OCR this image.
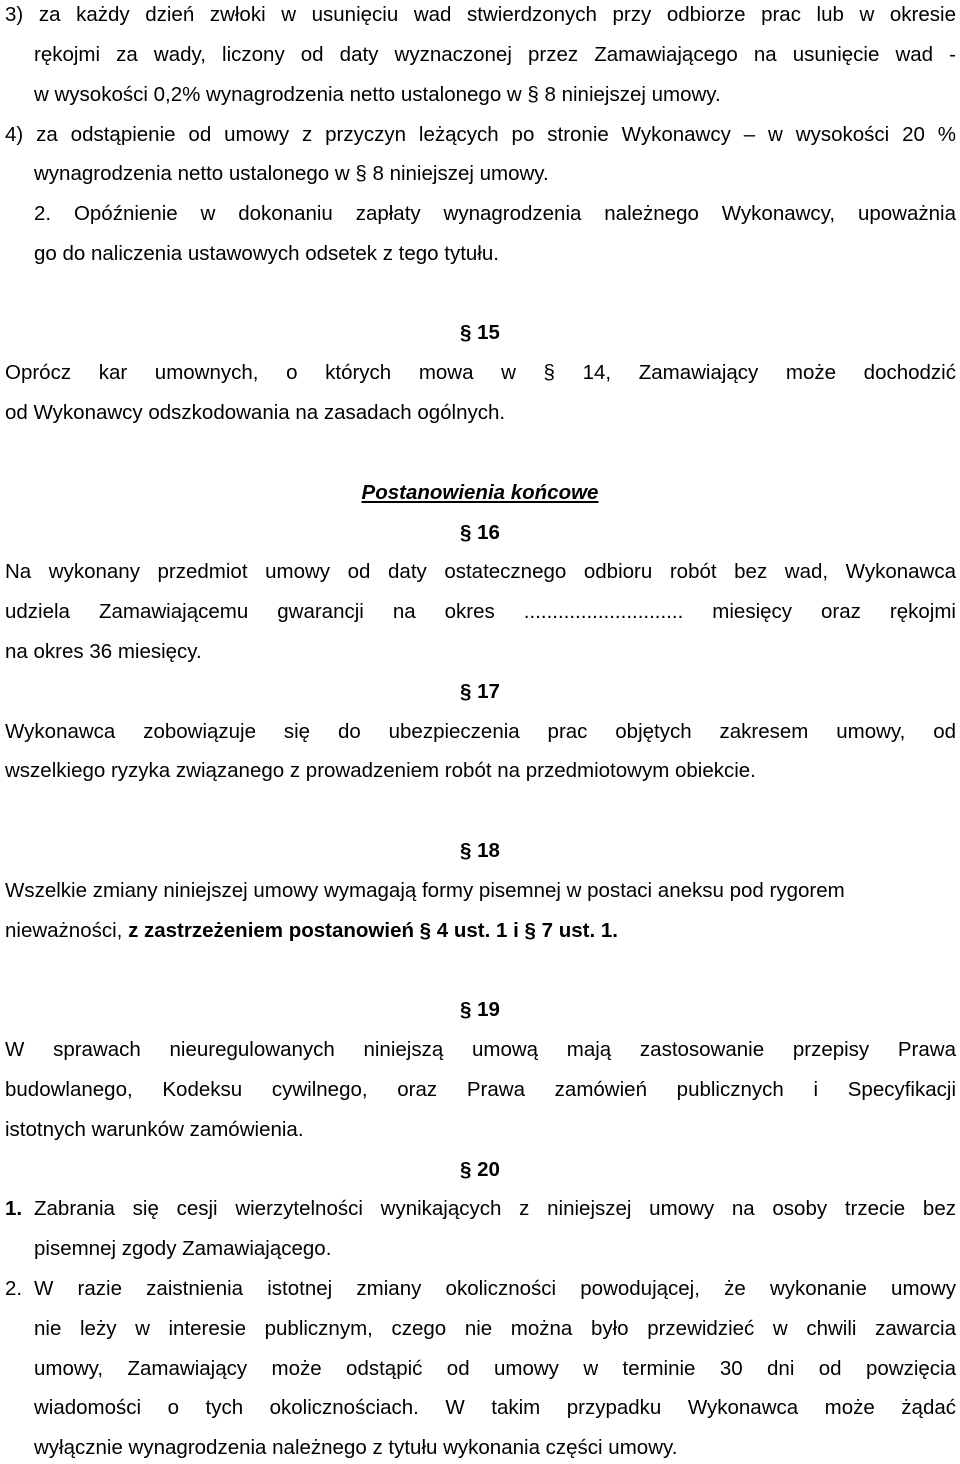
3) za każdy dzień zwłoki w usunięciu wad stwierdzonych przy odbiorze prac lub w okresie
rękojmi za wady, liczony od daty wyznaczonej przez Zamawiającego na usunięcie wad -
w wysokości 0,2% wynagrodzenia netto ustalonego w § 8 niniejszej umowy.
4) za odstąpienie od umowy z przyczyn leżących po stronie Wykonawcy – w wysokości 20 %
wynagrodzenia netto ustalonego w § 8 niniejszej umowy.
2. Opóźnienie w dokonaniu zapłaty wynagrodzenia należnego Wykonawcy, upoważnia
go do naliczenia ustawowych odsetek z tego tytułu.
§ 15
Oprócz kar umownych, o których mowa w § 14, Zamawiający może dochodzić
od Wykonawcy odszkodowania na zasadach ogólnych.
Postanowienia końcowe
§ 16
Na wykonany przedmiot umowy od daty ostatecznego odbioru robót bez wad, Wykonawca
udziela Zamawiającemu gwarancji na okres ............................ miesięcy oraz rękojmi
na okres 36 miesięcy.
§ 17
Wykonawca zobowiązuje się do ubezpieczenia prac objętych zakresem umowy, od
wszelkiego ryzyka związanego z prowadzeniem robót na przedmiotowym obiekcie.
§ 18
Wszelkie zmiany niniejszej umowy wymagają formy pisemnej w postaci aneksu pod rygorem
nieważności, z zastrzeżeniem postanowień § 4 ust. 1 i § 7 ust. 1.
§ 19
W sprawach nieuregulowanych niniejszą umową mają zastosowanie przepisy Prawa
budowlanego, Kodeksu cywilnego, oraz Prawa zamówień publicznych i Specyfikacji
istotnych warunków zamówienia.
§ 20
1. Zabrania się cesji wierzytelności wynikających z niniejszej umowy na osoby trzecie bez
pisemnej zgody Zamawiającego.
2. W razie zaistnienia istotnej zmiany okoliczności powodującej, że wykonanie umowy
nie leży w interesie publicznym, czego nie można było przewidzieć w chwili zawarcia
umowy, Zamawiający może odstąpić od umowy w terminie 30 dni od powzięcia
wiadomości o tych okolicznościach. W takim przypadku Wykonawca może żądać
wyłącznie wynagrodzenia należnego z tytułu wykonania części umowy.
